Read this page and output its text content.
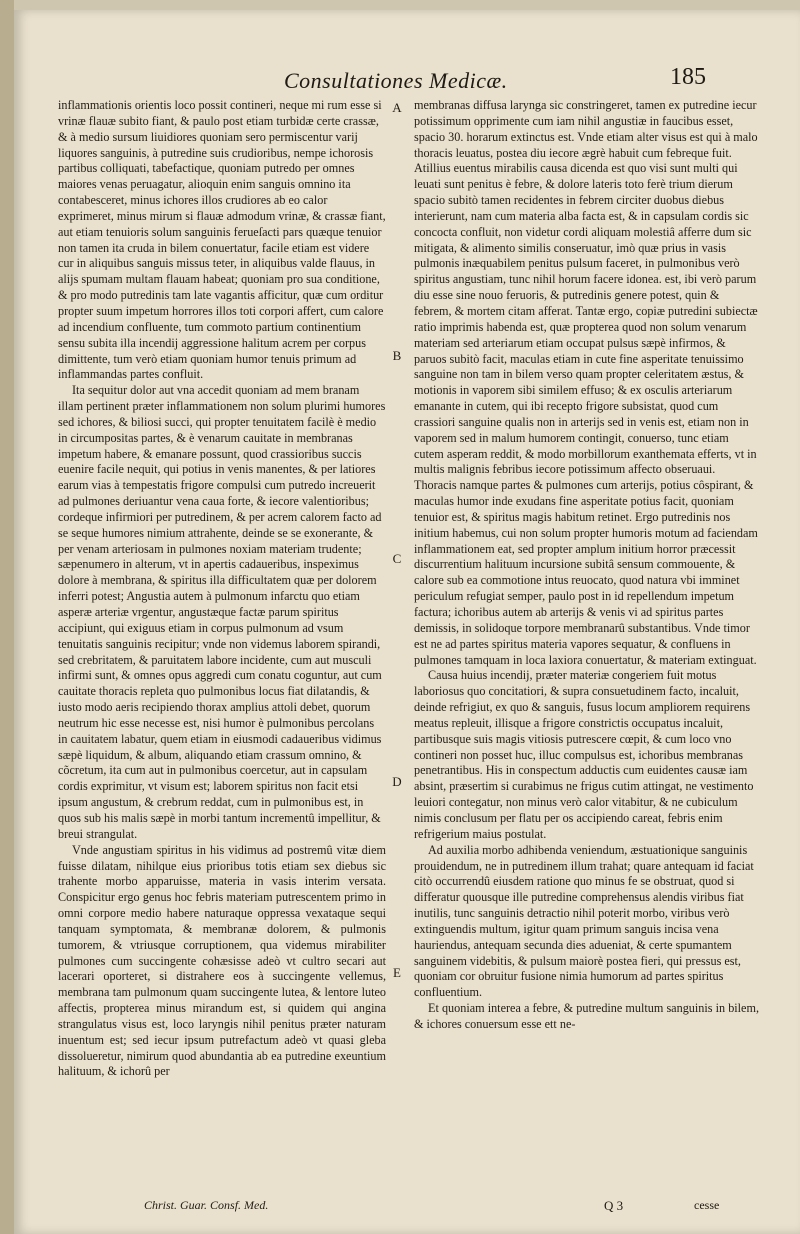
Consultationes Medicæ.	185

inflammationis orientis loco possit contineri, neque mi rum esse si vrinæ flauæ subito fiant, & paulo post etiam turbidæ certe crassæ, & à medio sursum liuidiores quoniam sero permiscentur varij liquores sanguinis, à putredine suis crudioribus, nempe ichorosis partibus colliquati, tabefactique, quoniam putredo per omnes maiores venas peruagatur, alioquin enim sanguis omnino ita contabesceret, minus ichores illos crudiores ab eo calor exprimeret, minus mirum si flauæ admodum vrinæ, & crassæ fiant, aut etiam tenuioris solum sanguinis ferueſacti pars quæque tenuior non tamen ita cruda in bilem conuertatur, facile etiam est videre cur in aliquibus sanguis missus teter, in aliquibus valde flauus, in alijs spumam multam flauam habeat; quoniam pro sua conditione, & pro modo putredinis tam late vagantis afficitur, quæ cum orditur propter suum impetum horrores illos toti corpori affert, cum calore ad incendium confluente, tum commoto partium continentium sensu subita illa incendij aggressione halitum acrem per corpus dimittente, tum verò etiam quoniam humor tenuis primum ad inflammandas partes confluit.

Ita sequitur dolor aut vna accedit quoniam ad mem branam illam pertinent præter inflammationem non solum plurimi humores sed ichores, & biliosi succi, qui propter tenuitatem facilè è medio in circumpositas partes, & è venarum cauitate in membranas impetum habere, & emanare possunt, quod crassioribus succis euenire facile nequit, qui potius in venis manentes, & per latiores earum vias à tempestatis frigore compulsi cum putredo increuerit ad pulmones deriuantur vena caua forte, & iecore valentioribus; cordeque infirmiori per putredinem, & per acrem calorem facto ad se seque humores nimium attrahente, deinde se se exonerante, & per venam arteriosam in pulmones noxiam materiam trudente; sæpenumero in alterum, vt in apertis cadaueribus, inspeximus dolore à membrana, & spiritus illa difficultatem quæ per dolorem inferri potest; Angustia autem à pulmonum infarctu quo etiam asperæ arteriæ vrgentur, angustæque factæ parum spiritus accipiunt, qui exiguus etiam in corpus pulmonum ad vsum tenuitatis sanguinis recipitur; vnde non videmus laborem spirandi, sed crebritatem, & paruitatem labore incidente, cum aut musculi infirmi sunt, & omnes opus aggredi cum conatu coguntur, aut cum cauitate thoracis repleta quo pulmonibus locus fiat dilatandis, & iusto modo aeris recipiendo thorax amplius attoli debet, quorum neutrum hic esse necesse est, nisi humor è pulmonibus percolans in cauitatem labatur, quem etiam in eiusmodi cadaueribus vidimus sæpè liquidum, & album, aliquando etiam crassum omnino, & cõcretum, ita cum aut in pulmonibus coercetur, aut in capsulam cordis exprimitur, vt visum est; laborem spiritus non facit etsi ipsum angustum, & crebrum reddat, cum in pulmonibus est, in quos sub his malis sæpè in morbi tantum incrementû impellitur, & breui strangulat.

Vnde angustiam spiritus in his vidimus ad postremû vitæ diem fuisse dilatam, nihilque eius prioribus totis etiam sex diebus sic trahente morbo apparuisse, materia in vasis interim versata. Conspicitur ergo genus hoc febris materiam putrescentem primo in omni corpore medio habere naturaque oppressa vexataque sequi tanquam symptomata, & membranæ dolorem, & pulmonis tumorem, & vtriusque corruptionem, qua videmus mirabiliter pulmones cum succingente cohæsisse adeò vt cultro secari aut lacerari oporteret, si distrahere eos à succingente vellemus, membrana tam pulmonum quam succingente lutea, & lentore luteo affectis, propterea minus mirandum est, si quidem qui angina strangulatus visus est, loco laryngis nihil penitus præter naturam inuentum est; sed iecur ipsum putrefactum adeò vt quasi gleba dissolueretur, nimirum quod abundantia ab ea putredine exeuntium halituum, & ichorû per

A
B
C
D
E

membranas diffusa larynga sic constringeret, tamen ex putredine iecur potissimum opprimente cum iam nihil angustiæ in faucibus esset, spacio 30. horarum extinctus est. Vnde etiam alter visus est qui à malo thoracis leuatus, postea diu iecore ægrè habuit cum febreque fuit. Atillius euentus mirabilis causa dicenda est quo visi sunt multi qui leuati sunt penitus è febre, & dolore lateris toto ferè trium dierum spacio subitò tamen recidentes in febrem circiter duobus diebus interierunt, nam cum materia alba facta est, & in capsulam cordis sic concocta confluit, non videtur cordi aliquam molestiâ afferre dum sic mitigata, & alimento similis conseruatur, imò quæ prius in vasis pulmonis inæquabilem penitus pulsum faceret, in pulmonibus verò spiritus angustiam, tunc nihil horum facere idonea. est, ibi verò parum diu esse sine nouo feruoris, & putredinis genere potest, quin & febrem, & mortem citam afferat. Tantæ ergo, copiæ putredini subiectæ ratio imprimis habenda est, quæ propterea quod non solum venarum materiam sed arteriarum etiam occupat pulsus sæpè infirmos, & paruos subitò facit, maculas etiam in cute fine asperitate tenuissimo sanguine non tam in bilem verso quam propter celeritatem æstus, & motionis in vaporem sibi similem effuso; & ex osculis arteriarum emanante in cutem, qui ibi recepto frigore subsistat, quod cum crassiori sanguine qualis non in arterijs sed in venis est, etiam non in vaporem sed in malum humorem contingit, conuerso, tunc etiam cutem asperam reddit, & modo morbillorum exanthemata efferts, vt in multis malignis febribus iecore potissimum affecto obseruaui. Thoracis namque partes & pulmones cum arterijs, potius côspirant, & maculas humor inde exudans fine asperitate potius facit, quoniam tenuior est, & spiritus magis habitum retinet. Ergo putredinis nos initium habemus, cui non solum propter humoris motum ad faciendam inflammationem eat, sed propter amplum initium horror præcessit discurrentium halituum incursione subitâ sensum commouente, & calore sub ea commotione intus reuocato, quod natura vbi imminet periculum refugiat semper, paulo post in id repellendum impetum factura; ichoribus autem ab arterijs & venis vi ad spiritus partes demissis, in solidoque torpore membranarû substantibus. Vnde timor est ne ad partes spiritus materia vapores sequatur, & confluens in pulmones tamquam in loca laxiora conuertatur, & materiam extinguat.

Causa huius incendij, præter materiæ congeriem fuit motus laboriosus quo concitatiori, & supra consuetudinem facto, incaluit, deinde refrigiut, ex quo & sanguis, fusus locum ampliorem requirens meatus repleuit, illisque a frigore constrictis occupatus incaluit, partibusque suis magis vitiosis putrescere cœpit, & cum loco vno contineri non posset huc, illuc compulsus est, ichoribus membranas penetrantibus. His in conspectum adductis cum euidentes causæ iam absint, præsertim si curabimus ne frigus cutim attingat, ne vestimento leuiori contegatur, non minus verò calor vitabitur, & ne cubiculum nimis conclusum per flatu per os accipiendo careat, febris enim refrigerium maius postulat.

Ad auxilia morbo adhibenda veniendum, æstuationique sanguinis prouidendum, ne in putredinem illum trahat; quare antequam id faciat citò occurrendû eiusdem ratione quo minus fe se obstruat, quod si differatur quousque ille putredine comprehensus alendis viribus fiat inutilis, tunc sanguinis detractio nihil poterit morbo, viribus verò extinguendis multum, igitur quam primum sanguis incisa vena hauriendus, antequam secunda dies adueniat, & certe spumantem sanguinem videbitis, & pulsum maiorè postea fieri, qui pressus est, quoniam cor obruitur fusione nimia humorum ad partes spiritus confluentium.

Et quoniam interea a febre, & putredine multum sanguinis in bilem, & ichores conuersum esse ett ne-

Christ. Guar. Consf. Med.	Q 3	cesse
